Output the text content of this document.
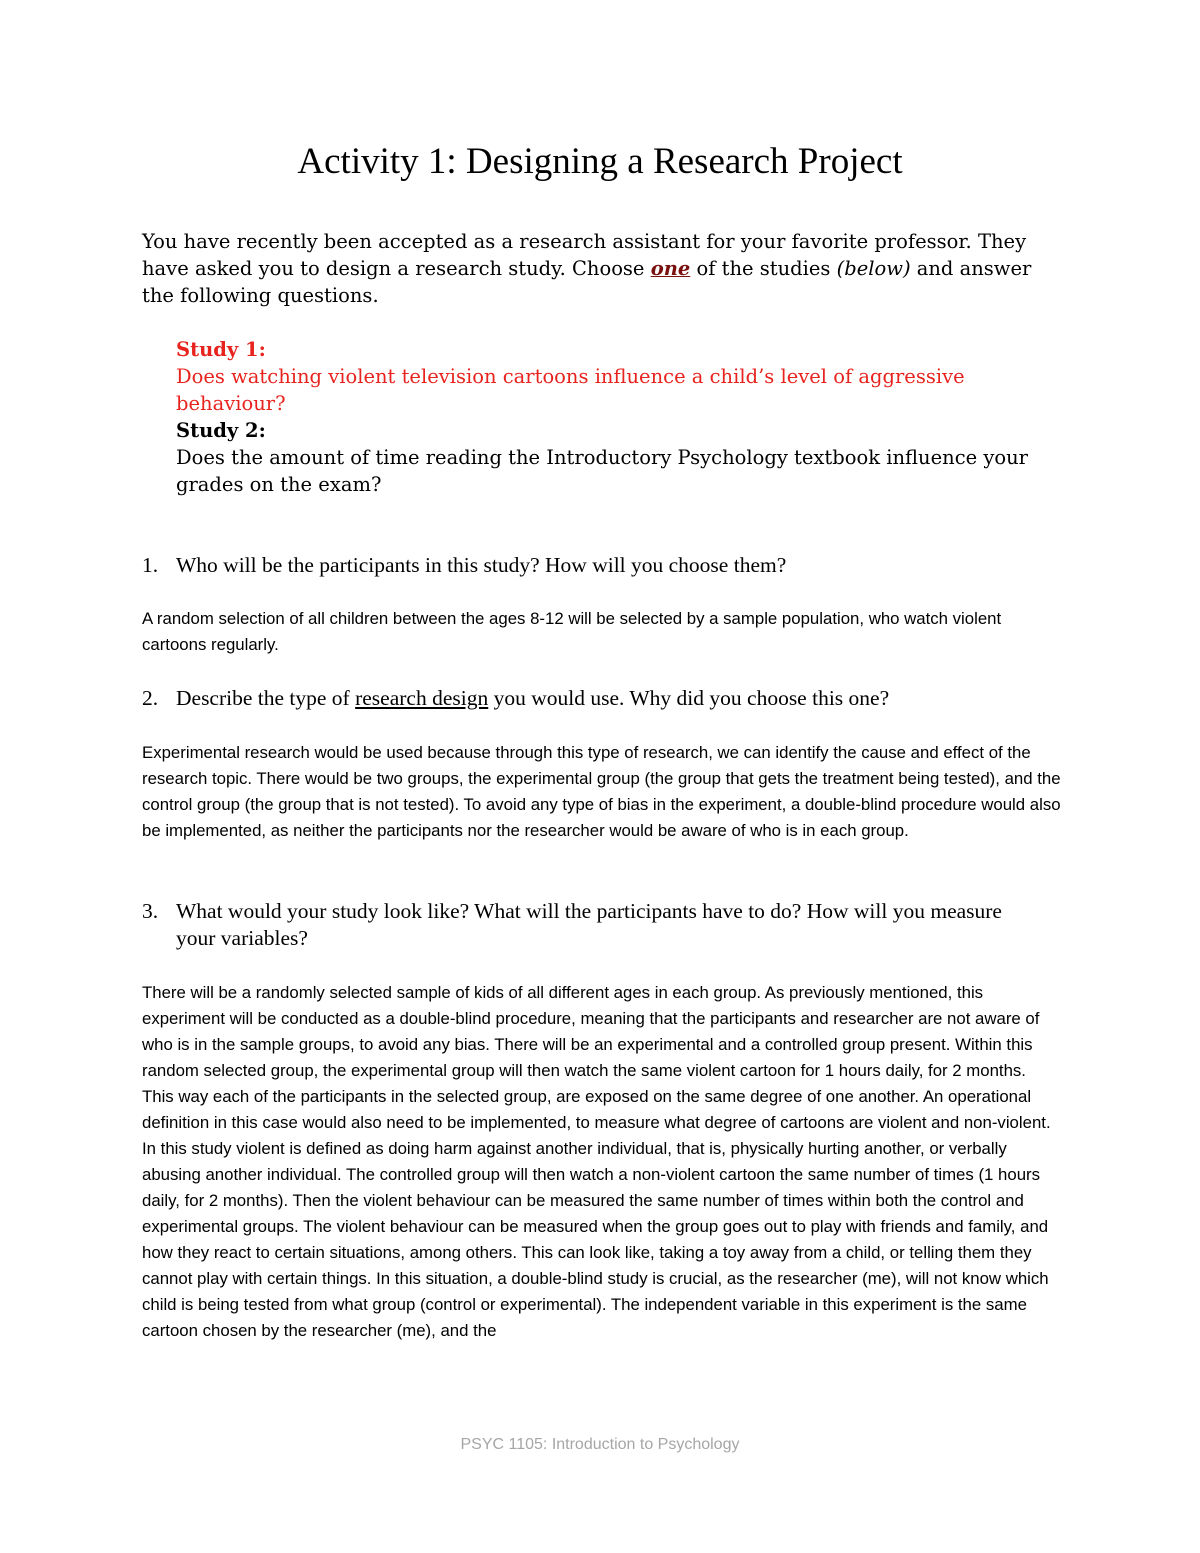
Activity 1: Designing a Research Project

You have recently been accepted as a research assistant for your favorite professor. They have asked you to design a research study. Choose one of the studies (below) and answer the following questions.

Study 1:
Does watching violent television cartoons influence a child’s level of aggressive behaviour?
Study 2:
Does the amount of time reading the Introductory Psychology textbook influence your grades on the exam?
1. Who will be the participants in this study? How will you choose them?

A random selection of all children between the ages 8-12 will be selected by a sample population, who watch violent cartoons regularly.

2. Describe the type of research design you would use. Why did you choose this one?

Experimental research would be used because through this type of research, we can identify the cause and effect of the research topic. There would be two groups, the experimental group (the group that gets the treatment being tested), and the control group (the group that is not tested). To avoid any type of bias in the experiment, a double-blind procedure would also be implemented, as neither the participants nor the researcher would be aware of who is in each group.

3. What would your study look like? What will the participants have to do? How will you measure your variables?

There will be a randomly selected sample of kids of all different ages in each group. As previously mentioned, this experiment will be conducted as a double-blind procedure, meaning that the participants and researcher are not aware of who is in the sample groups, to avoid any bias. There will be an experimental and a controlled group present. Within this random selected group, the experimental group will then watch the same violent cartoon for 1 hours daily, for 2 months. This way each of the participants in the selected group, are exposed on the same degree of one another. An operational definition in this case would also need to be implemented, to measure what degree of cartoons are violent and non-violent. In this study violent is defined as doing harm against another individual, that is, physically hurting another, or verbally abusing another individual. The controlled group will then watch a non-violent cartoon the same number of times (1 hours daily, for 2 months). Then the violent behaviour can be measured the same number of times within both the control and experimental groups. The violent behaviour can be measured when the group goes out to play with friends and family, and how they react to certain situations, among others. This can look like, taking a toy away from a child, or telling them they cannot play with certain things. In this situation, a double-blind study is crucial, as the researcher (me), will not know which child is being tested from what group (control or experimental). The independent variable in this experiment is the same cartoon chosen by the researcher (me), and the

PSYC 1105: Introduction to Psychology
